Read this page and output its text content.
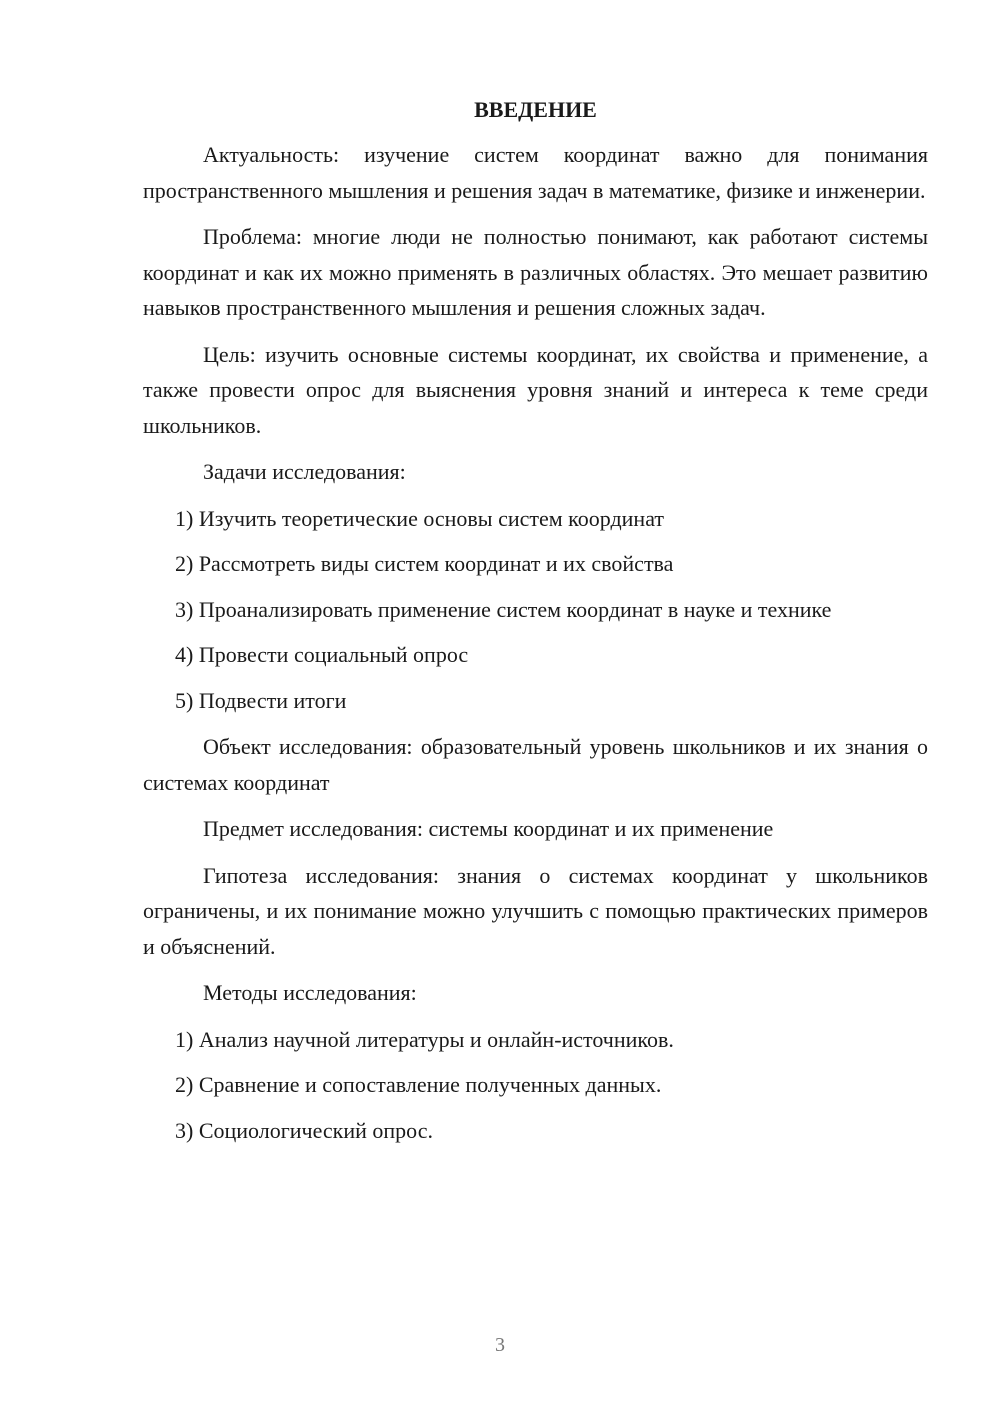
ВВЕДЕНИЕ

Актуальность: изучение систем координат важно для понимания пространственного мышления и решения задач в математике, физике и инженерии.

Проблема: многие люди не полностью понимают, как работают системы координат и как их можно применять в различных областях. Это мешает развитию навыков пространственного мышления и решения сложных задач.

Цель: изучить основные системы координат, их свойства и применение, а также провести опрос для выяснения уровня знаний и интереса к теме среди школьников.

Задачи исследования:

1) Изучить теоретические основы систем координат
2) Рассмотреть виды систем координат и их свойства
3) Проанализировать применение систем координат в науке и технике
4) Провести социальный опрос
5) Подвести итоги

Объект исследования: образовательный уровень школьников и их знания о системах координат

Предмет исследования: системы координат и их применение

Гипотеза исследования: знания о системах координат у школьников ограничены, и их понимание можно улучшить с помощью практических примеров и объяснений.

Методы исследования:

1) Анализ научной литературы и онлайн-источников.
2) Сравнение и сопоставление полученных данных.
3) Социологический опрос.
3
